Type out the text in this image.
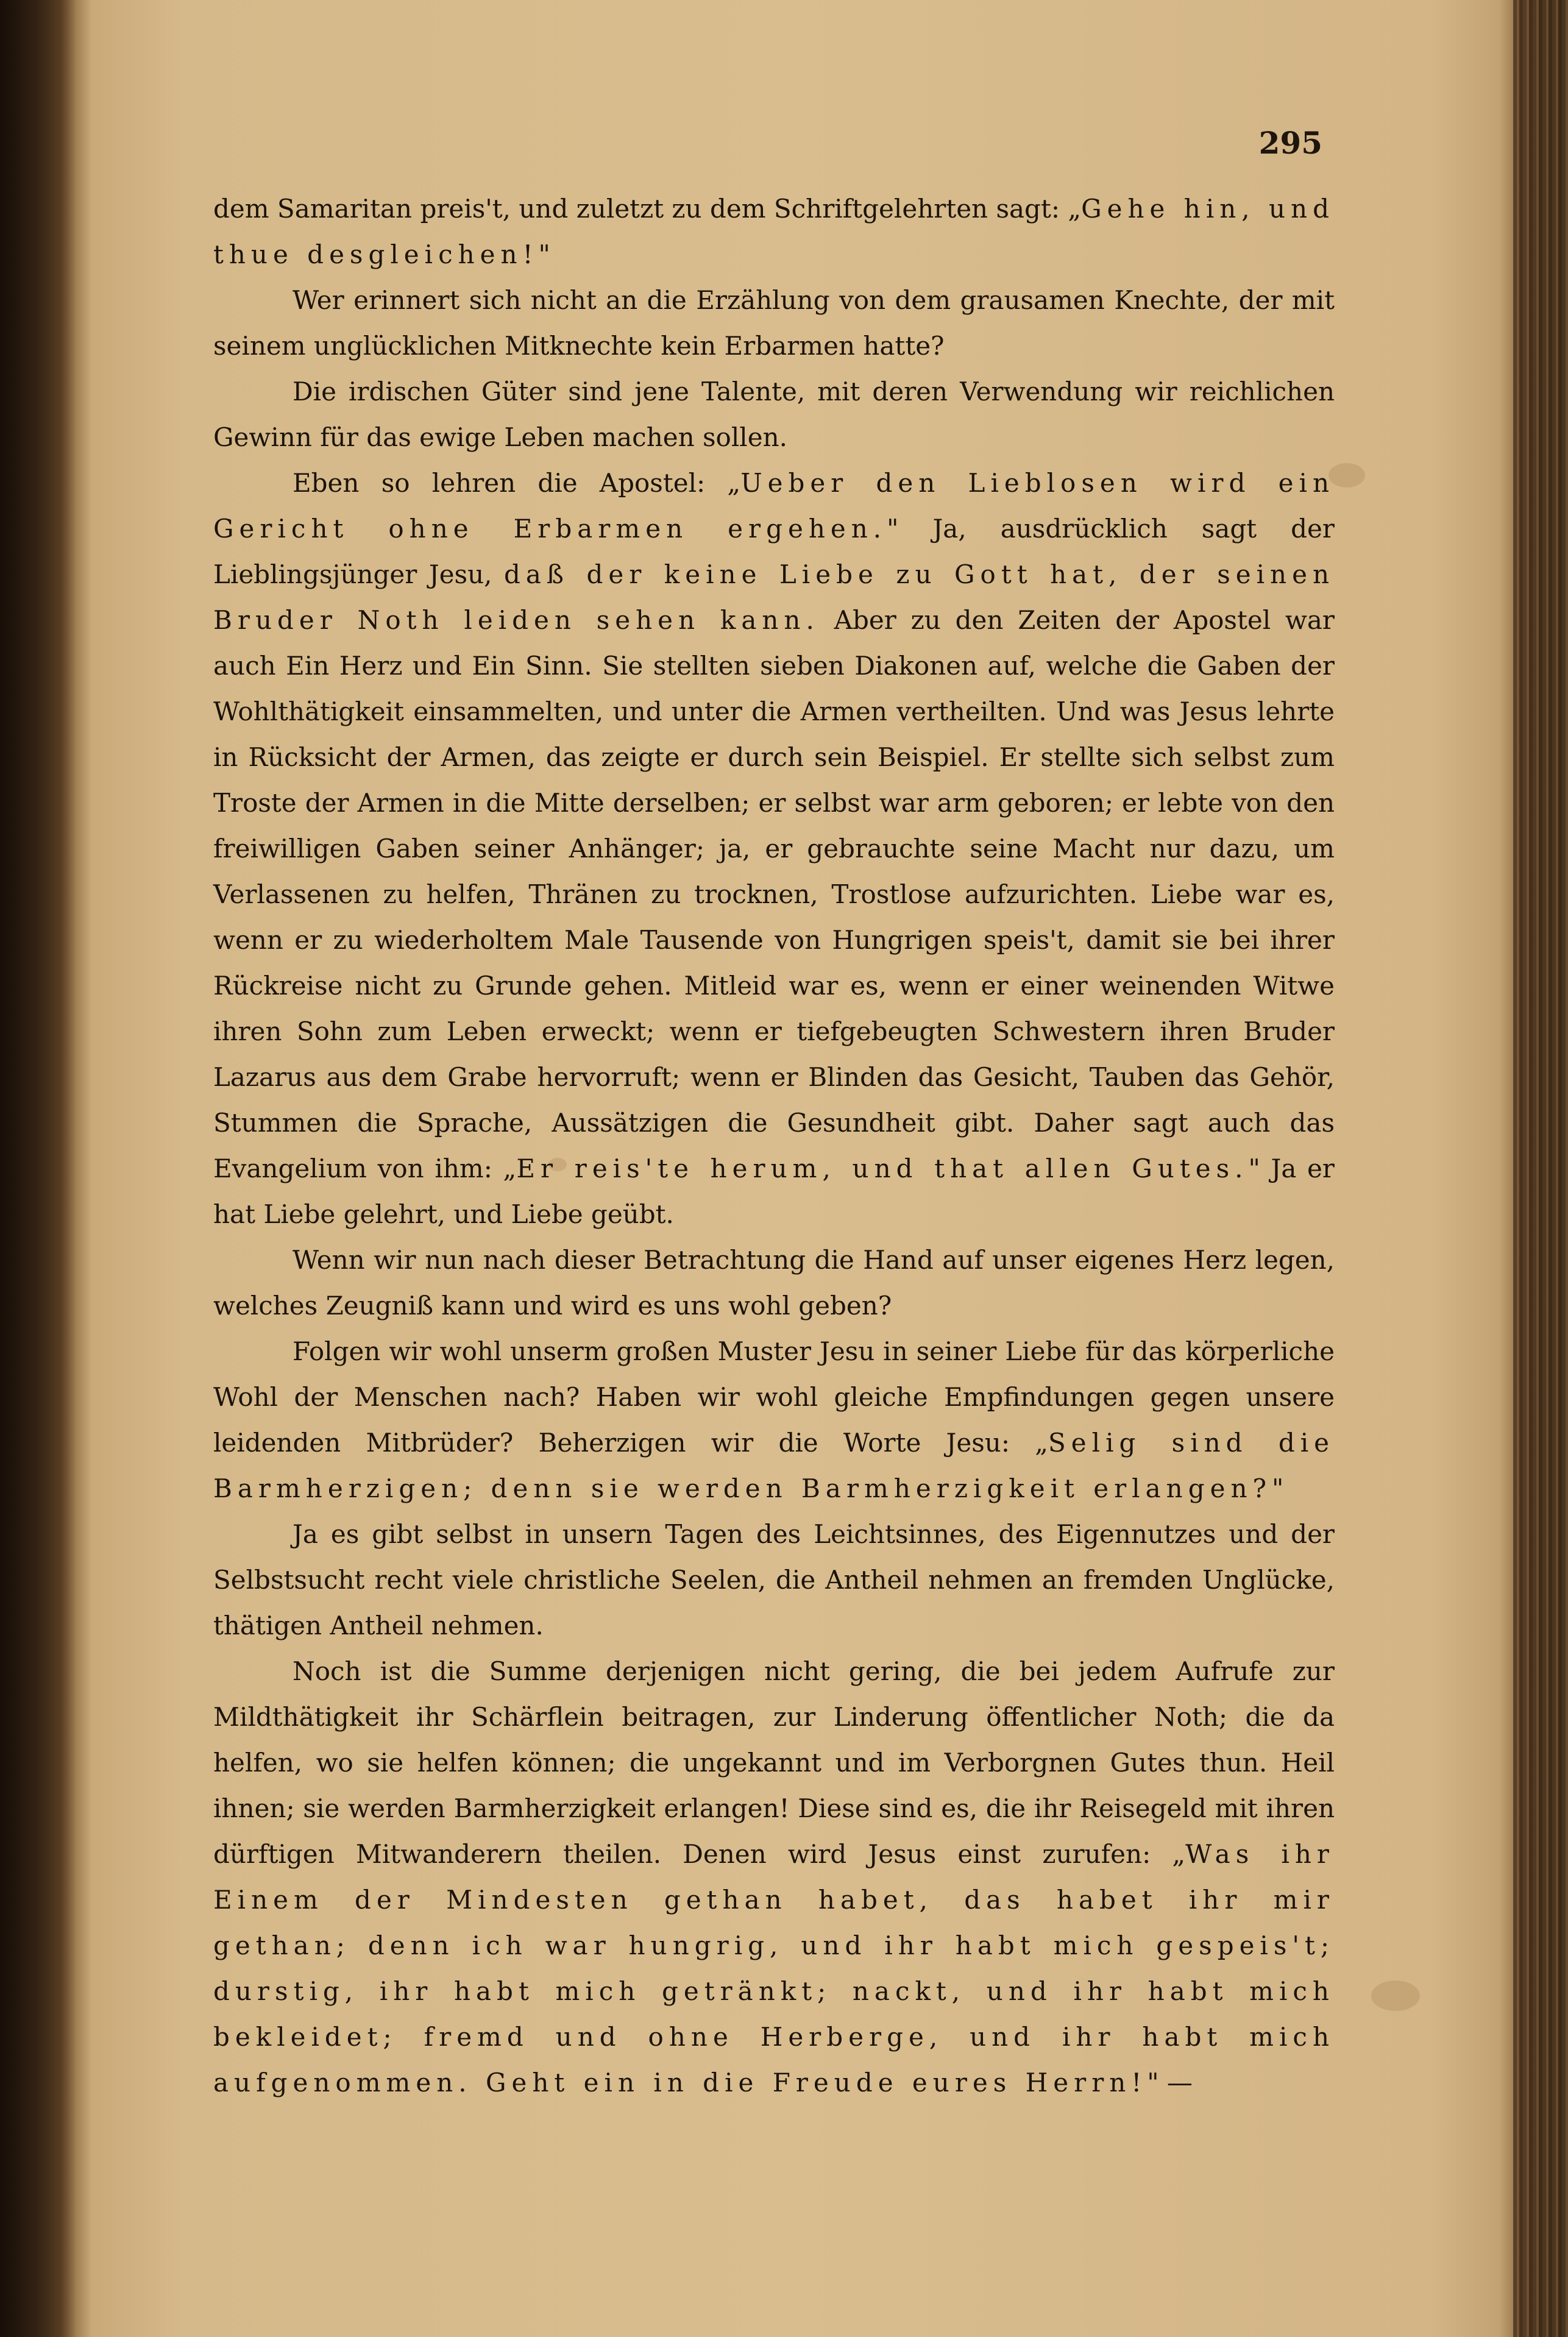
295

dem Samaritan preis't, und zuletzt zu dem Schriftgelehrten sagt: „Gehe hin, und thue desgleichen!"

Wer erinnert sich nicht an die Erzählung von dem grausamen Knechte, der mit seinem unglücklichen Mitknechte kein Erbarmen hatte?

Die irdischen Güter sind jene Talente, mit deren Verwendung wir reichlichen Gewinn für das ewige Leben machen sollen.

Eben so lehren die Apostel: „Ueber den Lieblosen wird ein Gericht ohne Erbarmen ergehen." Ja, ausdrücklich sagt der Lieblingsjünger Jesu, daß der keine Liebe zu Gott hat, der seinen Bruder Noth leiden sehen kann. Aber zu den Zeiten der Apostel war auch Ein Herz und Ein Sinn. Sie stellten sieben Diakonen auf, welche die Gaben der Wohlthätigkeit einsammelten, und unter die Armen vertheilten. Und was Jesus lehrte in Rücksicht der Armen, das zeigte er durch sein Beispiel. Er stellte sich selbst zum Troste der Armen in die Mitte derselben; er selbst war arm geboren; er lebte von den freiwilligen Gaben seiner Anhänger; ja, er gebrauchte seine Macht nur dazu, um Verlassenen zu helfen, Thränen zu trocknen, Trostlose aufzurichten. Liebe war es, wenn er zu wiederholtem Male Tausende von Hungrigen speis't, damit sie bei ihrer Rückreise nicht zu Grunde gehen. Mitleid war es, wenn er einer weinenden Witwe ihren Sohn zum Leben erweckt; wenn er tiefgebeugten Schwestern ihren Bruder Lazarus aus dem Grabe hervorruft; wenn er Blinden das Gesicht, Tauben das Gehör, Stummen die Sprache, Aussätzigen die Gesundheit gibt. Daher sagt auch das Evangelium von ihm: „Er reis'te herum, und that allen Gutes." Ja er hat Liebe gelehrt, und Liebe geübt.

Wenn wir nun nach dieser Betrachtung die Hand auf unser eigenes Herz legen, welches Zeugniß kann und wird es uns wohl geben?

Folgen wir wohl unserm großen Muster Jesu in seiner Liebe für das körperliche Wohl der Menschen nach? Haben wir wohl gleiche Empfindungen gegen unsere leidenden Mitbrüder? Beherzigen wir die Worte Jesu: „Selig sind die Barmherzigen; denn sie werden Barmherzigkeit erlangen?"

Ja es gibt selbst in unsern Tagen des Leichtsinnes, des Eigennutzes und der Selbstsucht recht viele christliche Seelen, die Antheil nehmen an fremden Unglücke, thätigen Antheil nehmen.

Noch ist die Summe derjenigen nicht gering, die bei jedem Aufrufe zur Mildthätigkeit ihr Schärflein beitragen, zur Linderung öffentlicher Noth; die da helfen, wo sie helfen können; die ungekannt und im Verborgnen Gutes thun. Heil ihnen; sie werden Barmherzigkeit erlangen! Diese sind es, die ihr Reisegeld mit ihren dürftigen Mitwanderern theilen. Denen wird Jesus einst zurufen: „Was ihr Einem der Mindesten gethan habet, das habet ihr mir gethan; denn ich war hungrig, und ihr habt mich gespeis't; durstig, ihr habt mich getränkt; nackt, und ihr habt mich bekleidet; fremd und ohne Herberge, und ihr habt mich aufgenommen. Geht ein in die Freude eures Herrn!" —
